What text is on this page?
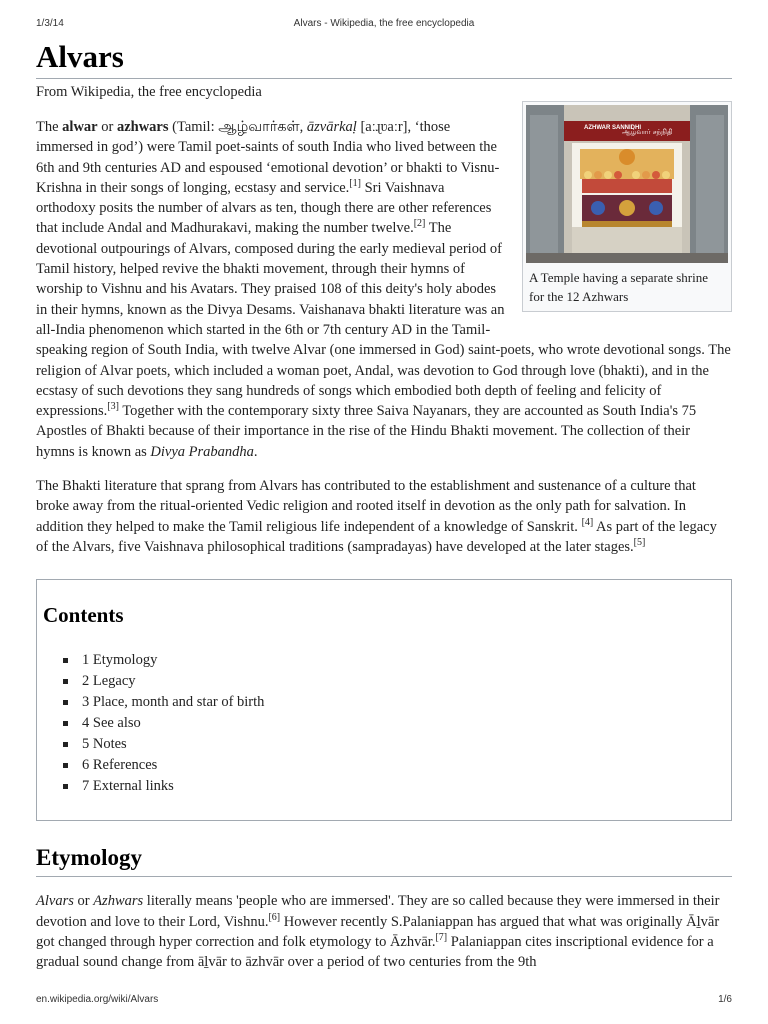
1/3/14	Alvars - Wikipedia, the free encyclopedia
Alvars
From Wikipedia, the free encyclopedia
AZHWAR SANNIDHI
ஆழ்வார் சந்நிதி
A Temple having a separate shrine for the 12 Azhwars

The alwar or azhwars (Tamil: ஆழ்வார்கள், āzvārkaḷ [aːɻʋaːr], ‘those immersed in god’) were Tamil poet-saints of south India who lived between the 6th and 9th centuries AD and espoused ‘emotional devotion’ or bhakti to Visnu-Krishna in their songs of longing, ecstasy and service.[1] Sri Vaishnava orthodoxy posits the number of alvars as ten, though there are other references that include Andal and Madhurakavi, making the number twelve.[2] The devotional outpourings of Alvars, composed during the early medieval period of Tamil history, helped revive the bhakti movement, through their hymns of worship to Vishnu and his Avatars. They praised 108 of this deity's holy abodes in their hymns, known as the Divya Desams. Vaishanava bhakti literature was an all-India phenomenon which started in the 6th or 7th century AD in the Tamil-speaking region of South India, with twelve Alvar (one immersed in God) saint-poets, who wrote devotional songs. The religion of Alvar poets, which included a woman poet, Andal, was devotion to God through love (bhakti), and in the ecstasy of such devotions they sang hundreds of songs which embodied both depth of feeling and felicity of expressions.[3] Together with the contemporary sixty three Saiva Nayanars, they are accounted as South India's 75 Apostles of Bhakti because of their importance in the rise of the Hindu Bhakti movement. The collection of their hymns is known as Divya Prabandha.

The Bhakti literature that sprang from Alvars has contributed to the establishment and sustenance of a culture that broke away from the ritual-oriented Vedic religion and rooted itself in devotion as the only path for salvation. In addition they helped to make the Tamil religious life independent of a knowledge of Sanskrit. [4] As part of the legacy of the Alvars, five Vaishnava philosophical traditions (sampradayas) have developed at the later stages.[5]

Contents
1 Etymology
2 Legacy
3 Place, month and star of birth
4 See also
5 Notes
6 References
7 External links
Etymology

Alvars or Azhwars literally means 'people who are immersed'. They are so called because they were immersed in their devotion and love to their Lord, Vishnu.[6] However recently S.Palaniappan has argued that what was originally Āḻvār got changed through hyper correction and folk etymology to Āzhvār.[7] Palaniappan cites inscriptional evidence for a gradual sound change from āḻvār to āzhvār over a period of two centuries from the 9th

en.wikipedia.org/wiki/Alvars	1/6
